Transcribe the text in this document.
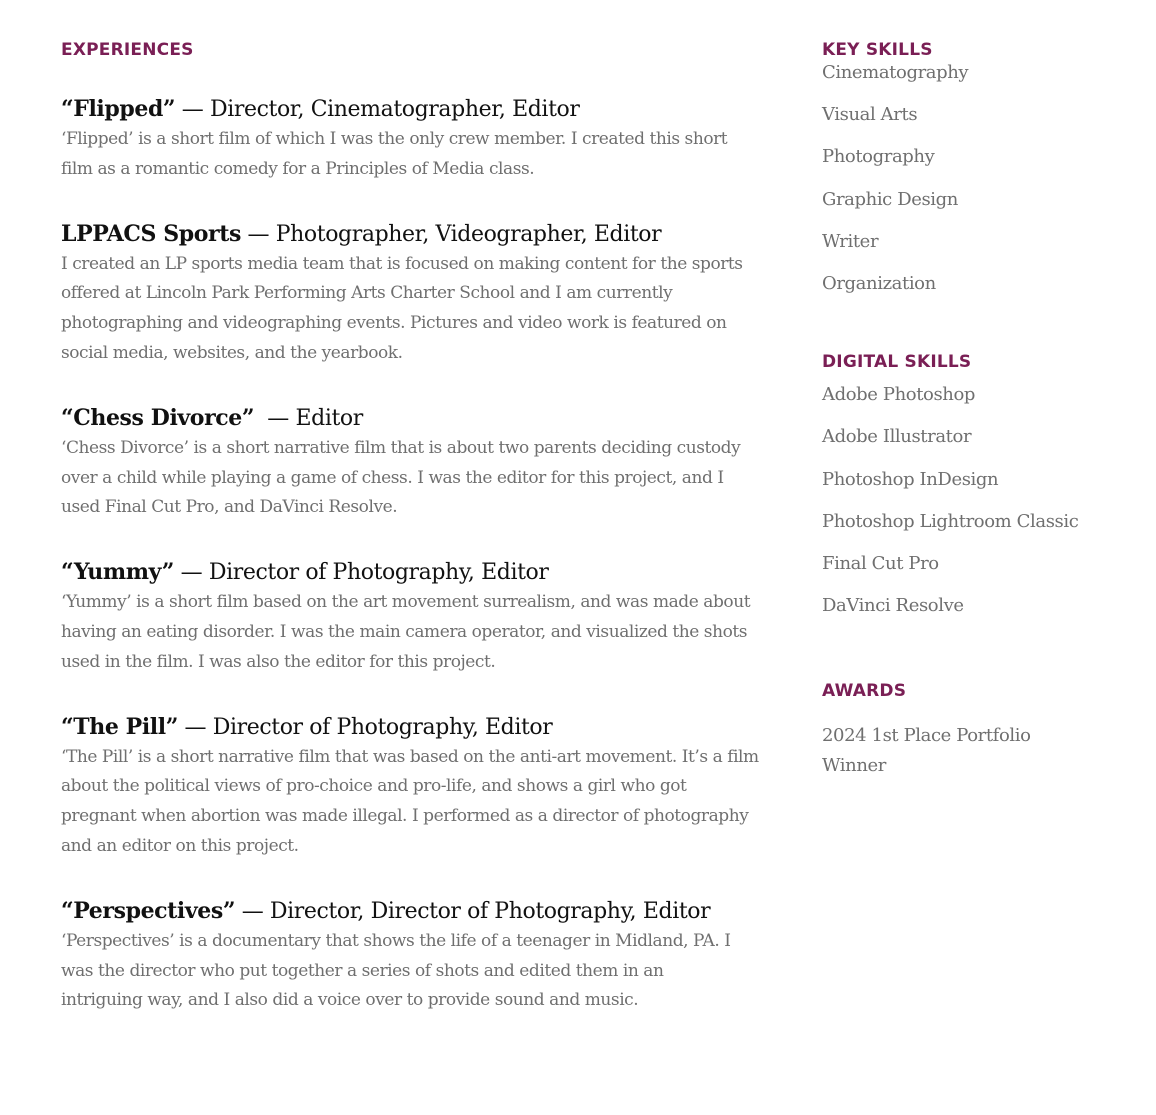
EXPERIENCES

“Flipped” — Director, Cinematographer, Editor

‘Flipped’ is a short film of which I was the only crew member. I created this short film as a romantic comedy for a Principles of Media class.

LPPACS Sports — Photographer, Videographer, Editor

I created an LP sports media team that is focused on making content for the sports offered at Lincoln Park Performing Arts Charter School and I am currently photographing and videographing events. Pictures and video work is featured on social media, websites, and the yearbook.

“Chess Divorce”  — Editor

‘Chess Divorce’ is a short narrative film that is about two parents deciding custody over a child while playing a game of chess. I was the editor for this project, and I used Final Cut Pro, and DaVinci Resolve.

“Yummy” — Director of Photography, Editor

‘Yummy’ is a short film based on the art movement surrealism, and was made about having an eating disorder. I was the main camera operator, and visualized the shots used in the film. I was also the editor for this project.

“The Pill” — Director of Photography, Editor

‘The Pill’ is a short narrative film that was based on the anti-art movement. It’s a film about the political views of pro-choice and pro-life, and shows a girl who got pregnant when abortion was made illegal. I performed as a director of photography and an editor on this project.

“Perspectives” — Director, Director of Photography, Editor

‘Perspectives’ is a documentary that shows the life of a teenager in Midland, PA. I was the director who put together a series of shots and edited them in an intriguing way, and I also did a voice over to provide sound and music.

KEY SKILLS
Cinematography
Visual Arts
Photography
Graphic Design
Writer
Organization
DIGITAL SKILLS
Adobe Photoshop
Adobe Illustrator
Photoshop InDesign
Photoshop Lightroom Classic
Final Cut Pro
DaVinci Resolve
AWARDS

2024 1st Place Portfolio Winner
